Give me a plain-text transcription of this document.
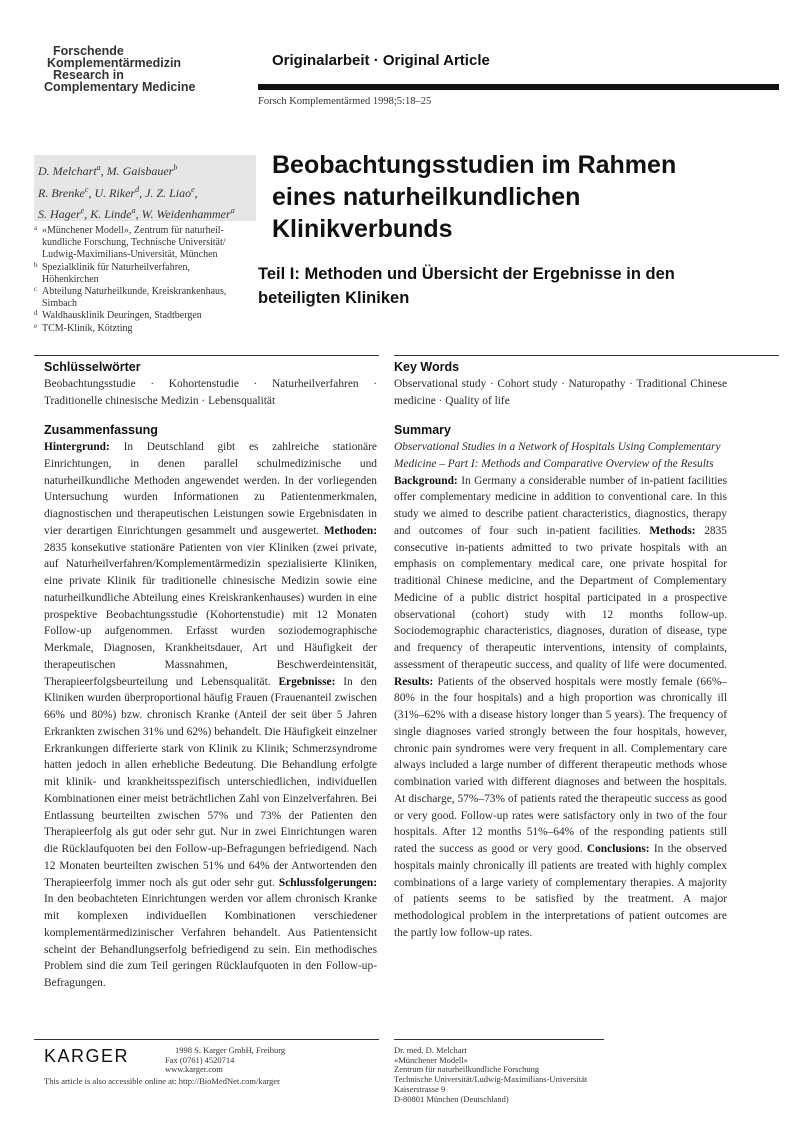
Forschende
Komplementärmedizin
Research in
Complementary Medicine
Originalarbeit · Original Article
Forsch Komplementärmed 1998;5:18–25
D. Melchart$^a$, M. Gaisbauer$^b$
R. Brenke$^c$, U. Riker$^d$, J. Z. Liao$^e$,
S. Hager$^e$, K. Linde$^a$, W. Weidenhammer$^a$
a «Münchener Modell», Zentrum für naturheil-
kundliche Forschung, Technische Universität/
Ludwig-Maximilians-Universität, München
b Spezialklinik für Naturheilverfahren,
Höhenkirchen
c Abteilung Naturheilkunde, Kreiskrankenhaus,
Simbach
d Waldhausklinik Deuringen, Stadtbergen
e TCM-Klinik, Kötzting
Beobachtungsstudien im Rahmen
eines naturheilkundlichen
Klinikverbunds
Teil I: Methoden und Übersicht der Ergebnisse in den
beteiligten Kliniken
Schlüsselwörter
Beobachtungsstudie · Kohortenstudie · Naturheilverfahren · Traditionelle chinesische Medizin · Lebensqualität
Zusammenfassung
Hintergrund: In Deutschland gibt es zahlreiche stationäre Einrichtungen, in denen parallel schulmedizinische und naturheilkundliche Methoden angewendet werden. In der vorliegenden Untersuchung wurden Informationen zu Patientenmerkmalen, diagnostischen und therapeutischen Leistungen sowie Ergebnisdaten in vier derartigen Einrichtungen gesammelt und ausgewertet. Methoden: 2835 konsekutive stationäre Patienten von vier Kliniken (zwei private, auf Naturheilverfahren/Komplementärmedizin spezialisierte Kliniken, eine private Klinik für traditionelle chinesische Medizin sowie eine naturheilkundliche Abteilung eines Kreiskrankenhauses) wurden in eine prospektive Beobachtungsstudie (Kohortenstudie) mit 12 Monaten Follow-up aufgenommen. Erfasst wurden soziodemographische Merkmale, Diagnosen, Krankheitsdauer, Art und Häufigkeit der therapeutischen Massnahmen, Beschwerdeintensität, Therapieerfolgsbeurteilung und Lebensqualität. Ergebnisse: In den Kliniken wurden überproportional häufig Frauen (Frauenanteil zwischen 66% und 80%) bzw. chronisch Kranke (Anteil der seit über 5 Jahren Erkrankten zwischen 31% und 62%) behandelt. Die Häufigkeit einzelner Erkrankungen differierte stark von Klinik zu Klinik; Schmerzsyndrome hatten jedoch in allen erhebliche Bedeutung. Die Behandlung erfolgte mit klinik- und krankheitsspezifisch unterschiedlichen, individuellen Kombinationen einer meist beträchtlichen Zahl von Einzelverfahren. Bei Entlassung beurteilten zwischen 57% und 73% der Patienten den Therapieerfolg als gut oder sehr gut. Nur in zwei Einrichtungen waren die Rücklaufquoten bei den Follow-up-Befragungen befriedigend. Nach 12 Monaten beurteilten zwischen 51% und 64% der Antwortenden den Therapieerfolg immer noch als gut oder sehr gut. Schlussfolgerungen: In den beobachteten Einrichtungen werden vor allem chronisch Kranke mit komplexen individuellen Kombinationen verschiedener komplementärmedizinischer Verfahren behandelt. Aus Patientensicht scheint der Behandlungserfolg befriedigend zu sein. Ein methodisches Problem sind die zum Teil geringen Rücklaufquoten in den Follow-up-Befragungen.
Key Words
Observational study · Cohort study · Naturopathy · Traditional Chinese medicine · Quality of life
Summary
Observational Studies in a Network of Hospitals Using Complementary Medicine – Part I: Methods and Comparative Overview of the Results
Background: In Germany a considerable number of in-patient facilities offer complementary medicine in addition to conventional care. In this study we aimed to describe patient characteristics, diagnostics, therapy and outcomes of four such in-patient facilities. Methods: 2835 consecutive in-patients admitted to two private hospitals with an emphasis on complementary medical care, one private hospital for traditional Chinese medicine, and the Department of Complementary Medicine of a public district hospital participated in a prospective observational (cohort) study with 12 months follow-up. Sociodemographic characteristics, diagnoses, duration of disease, type and frequency of therapeutic interventions, intensity of complaints, assessment of therapeutic success, and quality of life were documented. Results: Patients of the observed hospitals were mostly female (66%–80% in the four hospitals) and a high proportion was chronically ill (31%–62% with a disease history longer than 5 years). The frequency of single diagnoses varied strongly between the four hospitals, however, chronic pain syndromes were very frequent in all. Complementary care always included a large number of different therapeutic methods whose combination varied with different diagnoses and between the hospitals. At discharge, 57%–73% of patients rated the therapeutic success as good or very good. Follow-up rates were satisfactory only in two of the four hospitals. After 12 months 51%–64% of the responding patients still rated the success as good or very good. Conclusions: In the observed hospitals mainly chronically ill patients are treated with highly complex combinations of a large variety of complementary therapies. A majority of patients seems to be satisfied by the treatment. A major methodological problem in the interpretations of patient outcomes are the partly low follow-up rates.
KARGER	1998 S. Karger GmbH, Freiburg
Fax (0761) 4520714
www.karger.com
This article is also accessible online at: http://BioMedNet.com/karger
Dr. med. D. Melchart
«Münchener Modell»
Zentrum für naturheilkundliche Forschung
Technische Universität/Ludwig-Maximilians-Universität
Kaiserstrasse 9
D-80801 München (Deutschland)
